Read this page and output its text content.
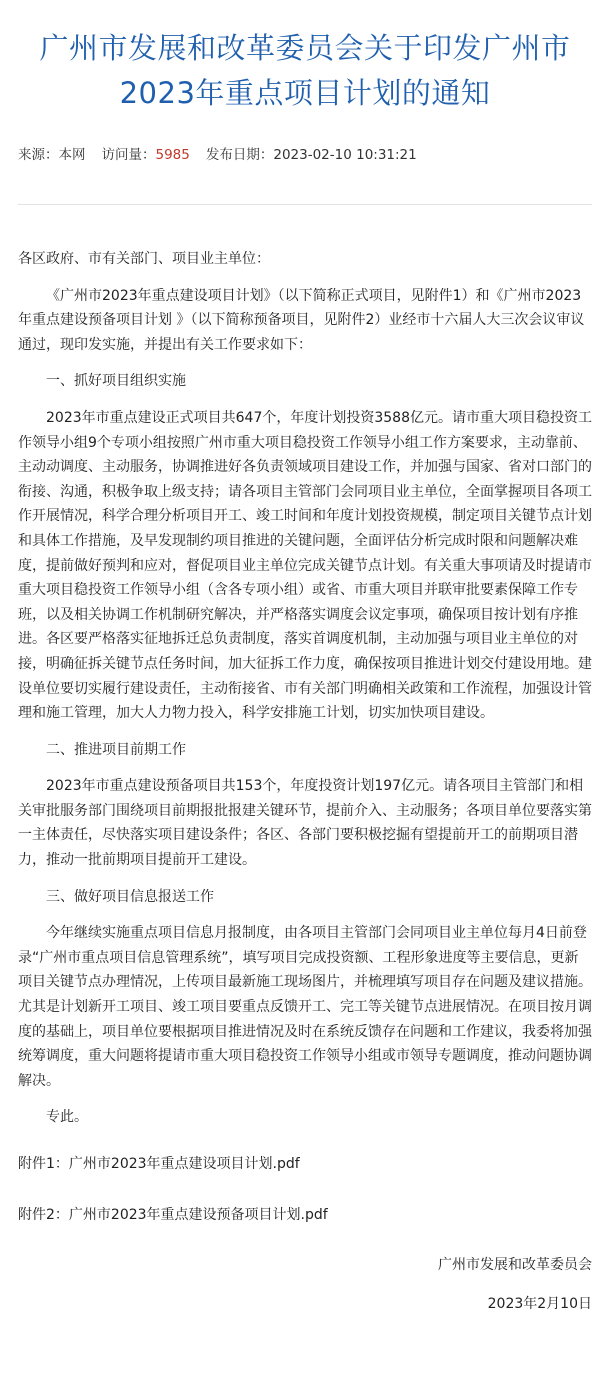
广州市发展和改革委员会关于印发广州市
2023年重点项目计划的通知
来源：本网 访问量：5985 发布日期：2023-02-10 10:31:21

各区政府、市有关部门、项目业主单位：

《广州市2023年重点建设项目计划》（以下简称正式项目，见附件1）和《广州市2023年重点建设预备项目计划 》（以下简称预备项目，见附件2）业经市十六届人大三次会议审议通过，现印发实施，并提出有关工作要求如下：

一、抓好项目组织实施

2023年市重点建设正式项目共647个，年度计划投资3588亿元。请市重大项目稳投资工作领导小组9个专项小组按照广州市重大项目稳投资工作领导小组工作方案要求，主动靠前、主动动调度、主动服务，协调推进好各负责领域项目建设工作，并加强与国家、省对口部门的衔接、沟通，积极争取上级支持；请各项目主管部门会同项目业主单位，全面掌握项目各项工作开展情况，科学合理分析项目开工、竣工时间和年度计划投资规模，制定项目关键节点计划和具体工作措施，及早发现制约项目推进的关键问题，全面评估分析完成时限和问题解决难度，提前做好预判和应对，督促项目业主单位完成关键节点计划。有关重大事项请及时提请市重大项目稳投资工作领导小组（含各专项小组）或省、市重大项目并联审批要素保障工作专班，以及相关协调工作机制研究解决，并严格落实调度会议定事项，确保项目按计划有序推进。各区要严格落实征地拆迁总负责制度，落实首调度机制，主动加强与项目业主单位的对接，明确征拆关键节点任务时间，加大征拆工作力度，确保按项目推进计划交付建设用地。建设单位要切实履行建设责任，主动衔接省、市有关部门明确相关政策和工作流程，加强设计管理和施工管理，加大人力物力投入，科学安排施工计划，切实加快项目建设。

二、推进项目前期工作

2023年市重点建设预备项目共153个，年度投资计划197亿元。请各项目主管部门和相关审批服务部门围绕项目前期报批报建关键环节，提前介入、主动服务；各项目单位要落实第一主体责任，尽快落实项目建设条件；各区、各部门要积极挖掘有望提前开工的前期项目潜力，推动一批前期项目提前开工建设。

三、做好项目信息报送工作

今年继续实施重点项目信息月报制度，由各项目主管部门会同项目业主单位每月4日前登录“广州市重点项目信息管理系统”，填写项目完成投资额、工程形象进度等主要信息，更新项目关键节点办理情况，上传项目最新施工现场图片，并梳理填写项目存在问题及建议措施。尤其是计划新开工项目、竣工项目要重点反馈开工、完工等关键节点进展情况。在项目按月调度的基础上，项目单位要根据项目推进情况及时在系统反馈存在问题和工作建议，我委将加强统筹调度，重大问题将提请市重大项目稳投资工作领导小组或市领导专题调度，推动问题协调解决。

专此。

附件1：广州市2023年重点建设项目计划.pdf

附件2：广州市2023年重点建设预备项目计划.pdf

广州市发展和改革委员会

2023年2月10日
